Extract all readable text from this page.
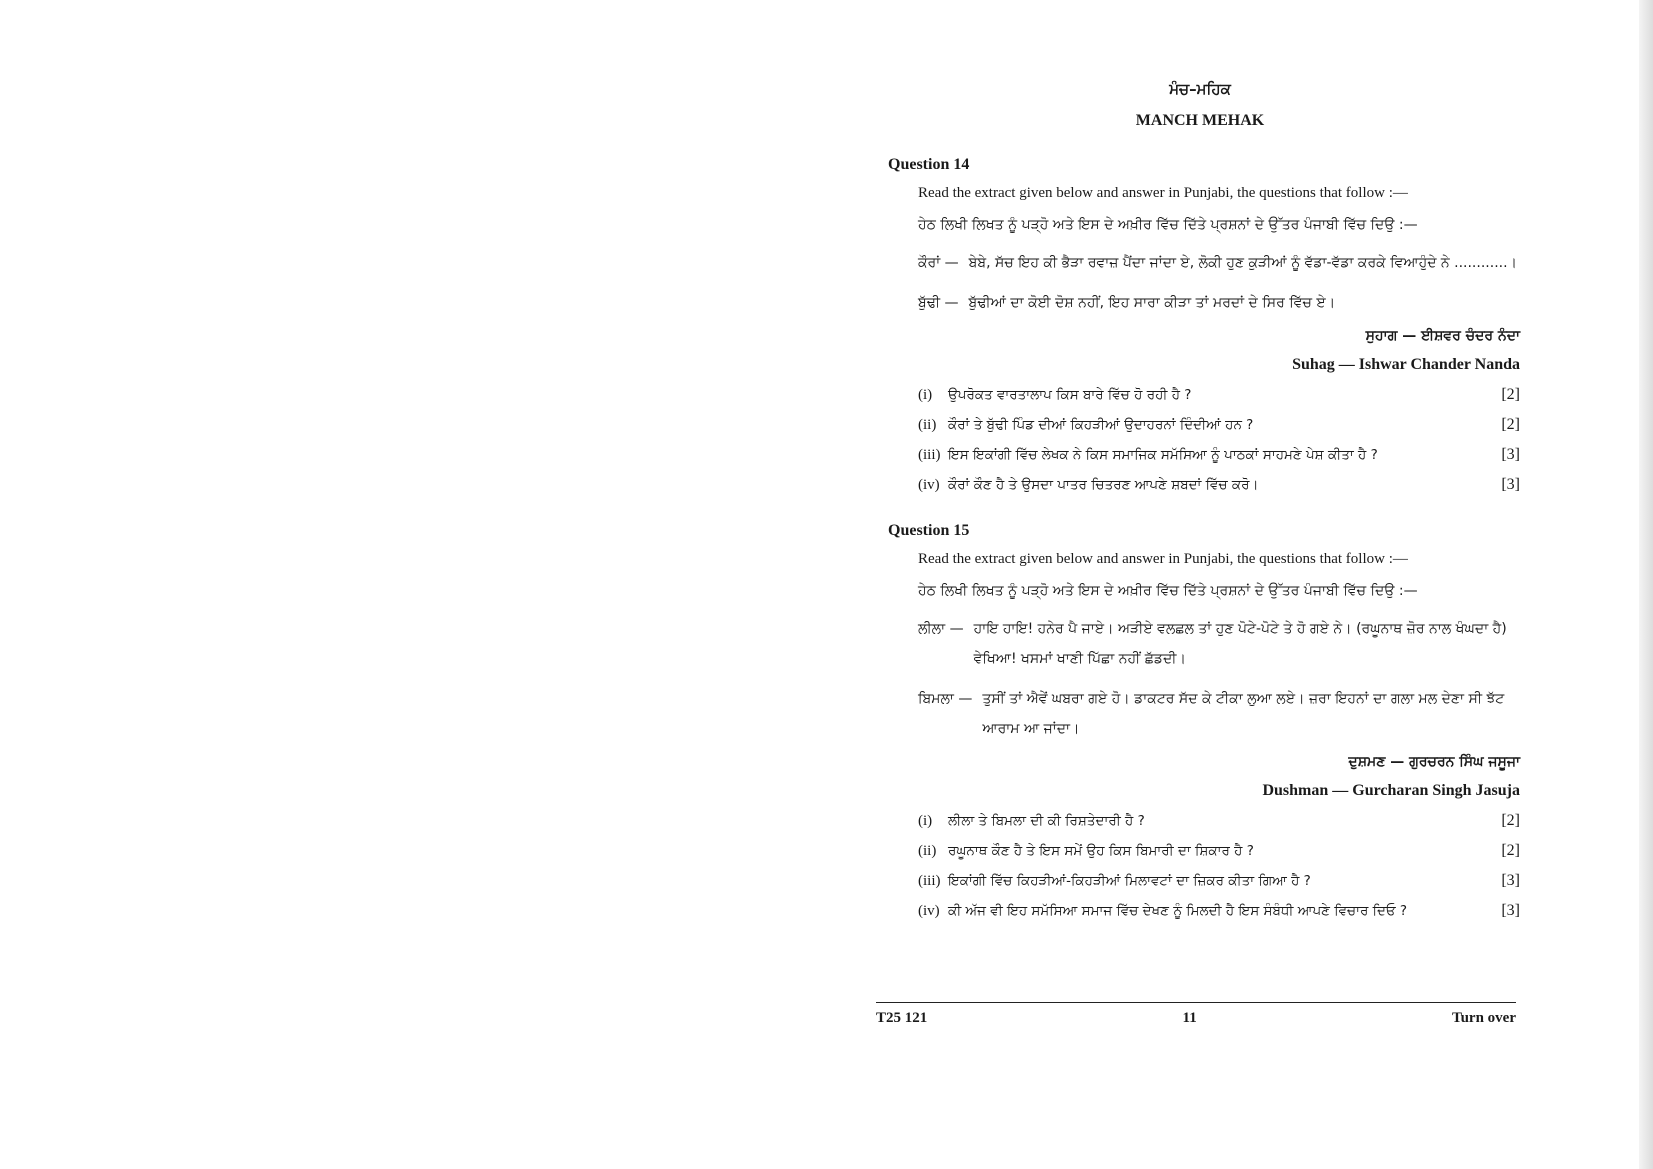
ਮੰਚ–ਮਹਿਕ
MANCH MEHAK
Question 14
Read the extract given below and answer in Punjabi, the questions that follow :—
ਹੇਠ ਲਿਖੀ ਲਿਖਤ ਨੂੰ ਪੜ੍ਹੋ ਅਤੇ ਇਸ ਦੇ ਅਖ਼ੀਰ ਵਿੱਚ ਦਿੱਤੇ ਪ੍ਰਸ਼ਨਾਂ ਦੇ ਉੱਤਰ ਪੰਜਾਬੀ ਵਿੱਚ ਦਿਉ :—
ਕੌਰਾਂ — ਬੇਬੇ, ਸੱਚ ਇਹ ਕੀ ਭੈੜਾ ਰਵਾਜ਼ ਪੈਂਦਾ ਜਾਂਦਾ ਏ, ਲੋਕੀ ਹੁਣ ਕੁੜੀਆਂ ਨੂੰ ਵੱਡਾ-ਵੱਡਾ ਕਰਕੇ ਵਿਆਹੁੰਦੇ ਨੇ ............।
ਬੁੱਢੀ — ਬੁੱਢੀਆਂ ਦਾ ਕੋਈ ਦੋਸ਼ ਨਹੀਂ, ਇਹ ਸਾਰਾ ਕੀੜਾ ਤਾਂ ਮਰਦਾਂ ਦੇ ਸਿਰ ਵਿੱਚ ਏ।
ਸੁਹਾਗ — ਈਸ਼ਵਰ ਚੰਦਰ ਨੰਦਾ
Suhag — Ishwar Chander Nanda
(i)	ਉਪਰੋਕਤ ਵਾਰਤਾਲਾਪ ਕਿਸ ਬਾਰੇ ਵਿੱਚ ਹੋ ਰਹੀ ਹੈ ?	[2]
(ii) ਕੌਰਾਂ ਤੇ ਬੁੱਢੀ ਪਿੰਡ ਦੀਆਂ ਕਿਹੜੀਆਂ ਉਦਾਹਰਨਾਂ ਦਿੰਦੀਆਂ ਹਨ ?	[2]
(iii) ਇਸ ਇਕਾਂਗੀ ਵਿੱਚ ਲੇਖਕ ਨੇ ਕਿਸ ਸਮਾਜਿਕ ਸਮੱਸਿਆ ਨੂੰ ਪਾਠਕਾਂ ਸਾਹਮਣੇ ਪੇਸ਼ ਕੀਤਾ ਹੈ ?	[3]
(iv) ਕੌਰਾਂ ਕੌਣ ਹੈ ਤੇ ਉਸਦਾ ਪਾਤਰ ਚਿਤਰਣ ਆਪਣੇ ਸ਼ਬਦਾਂ ਵਿੱਚ ਕਰੋ।	[3]
Question 15
Read the extract given below and answer in Punjabi, the questions that follow :—
ਹੇਠ ਲਿਖੀ ਲਿਖਤ ਨੂੰ ਪੜ੍ਹੋ ਅਤੇ ਇਸ ਦੇ ਅਖ਼ੀਰ ਵਿੱਚ ਦਿੱਤੇ ਪ੍ਰਸ਼ਨਾਂ ਦੇ ਉੱਤਰ ਪੰਜਾਬੀ ਵਿੱਚ ਦਿਉ :—
ਲੀਲਾ — ਹਾਇ ਹਾਇ! ਹਨੇਰ ਪੈ ਜਾਏ। ਅੜੀਏ ਵਲਛਲ ਤਾਂ ਹੁਣ ਪੋਟੇ-ਪੋਟੇ ਤੇ ਹੋ ਗਏ ਨੇ। (ਰਘੂਨਾਥ ਜ਼ੋਰ ਨਾਲ ਖੰਘਦਾ ਹੈ) ਵੇਖਿਆ! ਖਸਮਾਂ ਖਾਣੀ ਪਿੱਛਾ ਨਹੀਂ ਛੱਡਦੀ।
ਬਿਮਲਾ — ਤੁਸੀਂ ਤਾਂ ਐਵੇਂ ਘਬਰਾ ਗਏ ਹੋ। ਡਾਕਟਰ ਸੱਦ ਕੇ ਟੀਕਾ ਲੁਆ ਲਏ। ਜ਼ਰਾ ਇਹਨਾਂ ਦਾ ਗਲਾ ਮਲ ਦੇਣਾ ਸੀ ਝੱਟ ਆਰਾਮ ਆ ਜਾਂਦਾ।
ਦੁਸ਼ਮਣ — ਗੁਰਚਰਨ ਸਿੰਘ ਜਸੂਜਾ
Dushman — Gurcharan Singh Jasuja
(i)	ਲੀਲਾ ਤੇ ਬਿਮਲਾ ਦੀ ਕੀ ਰਿਸ਼ਤੇਦਾਰੀ ਹੈ ?	[2]
(ii) ਰਘੂਨਾਥ ਕੌਣ ਹੈ ਤੇ ਇਸ ਸਮੇਂ ਉਹ ਕਿਸ ਬਿਮਾਰੀ ਦਾ ਸ਼ਿਕਾਰ ਹੈ ?	[2]
(iii) ਇਕਾਂਗੀ ਵਿੱਚ ਕਿਹੜੀਆਂ-ਕਿਹੜੀਆਂ ਮਿਲਾਵਟਾਂ ਦਾ ਜ਼ਿਕਰ ਕੀਤਾ ਗਿਆ ਹੈ ?	[3]
(iv) ਕੀ ਅੱਜ ਵੀ ਇਹ ਸਮੱਸਿਆ ਸਮਾਜ ਵਿੱਚ ਦੇਖਣ ਨੂੰ ਮਿਲਦੀ ਹੈ ਇਸ ਸੰਬੰਧੀ ਆਪਣੇ ਵਿਚਾਰ ਦਿਓ ?	[3]
T25 121	11	Turn over
